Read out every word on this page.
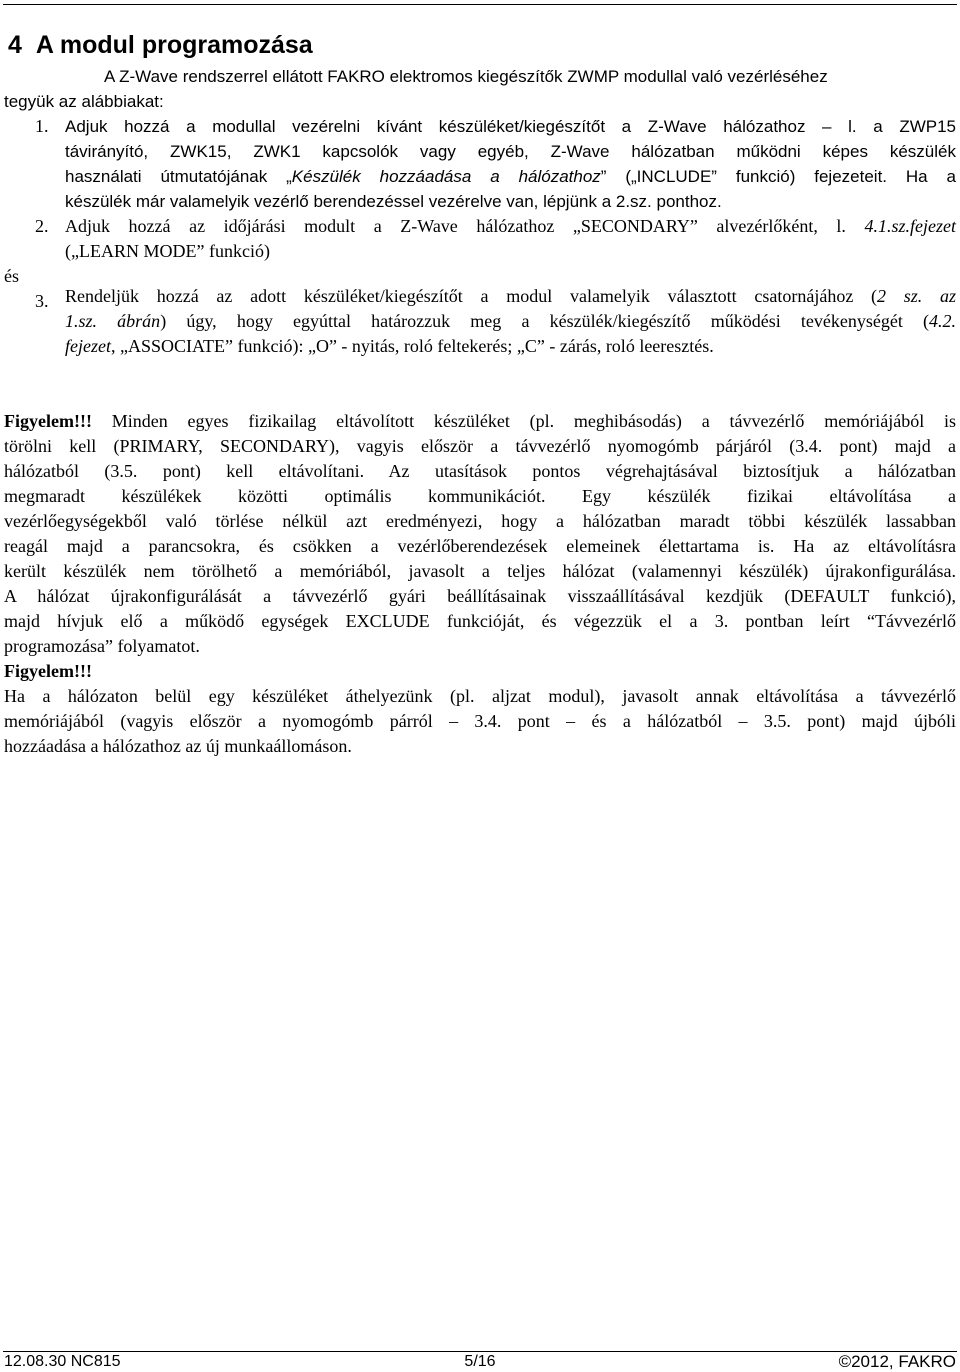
4 A modul programozása
A Z-Wave rendszerrel ellátott FAKRO elektromos kiegészítők ZWMP modullal való vezérléséhez
tegyük az alábbiakat:
1. Adjuk hozzá a modullal vezérelni kívánt készüléket/kiegészítőt a Z-Wave hálózathoz – l. a ZWP15
távirányító, ZWK15, ZWK1 kapcsolók vagy egyéb, Z-Wave hálózatban működni képes készülék
használati útmutatójának „Készülék hozzáadása a hálózathoz” („INCLUDE” funkció) fejezeteit. Ha a
készülék már valamelyik vezérlő berendezéssel vezérelve van, lépjünk a 2.sz. ponthoz.
2. Adjuk hozzá az időjárási modult a Z-Wave hálózathoz „SECONDARY” alvezérlőként, l. 4.1.sz.fejezet
(„LEARN MODE” funkció)
és
3. Rendeljük hozzá az adott készüléket/kiegészítőt a modul valamelyik választott csatornájához (2 sz. az
1.sz. ábrán) úgy, hogy egyúttal határozzuk meg a készülék/kiegészítő működési tevékenységét (4.2.
fejezet, „ASSOCIATE” funkció): „O” - nyitás, roló feltekerés; „C” - zárás, roló leeresztés.
Figyelem!!! Minden egyes fizikailag eltávolított készüléket (pl. meghibásodás) a távvezérlő memóriájából is
törölni kell (PRIMARY, SECONDARY), vagyis először a távvezérlő nyomogómb párjáról (3.4. pont) majd a
hálózatból (3.5. pont) kell eltávolítani. Az utasítások pontos végrehajtásával biztosítjuk a hálózatban
megmaradt készülékek közötti optimális kommunikációt. Egy készülék fizikai eltávolítása a
vezérlőegységekből való törlése nélkül azt eredményezi, hogy a hálózatban maradt többi készülék lassabban
reagál majd a parancsokra, és csökken a vezérlőberendezések elemeinek élettartama is. Ha az eltávolításra
került készülék nem törölhető a memóriából, javasolt a teljes hálózat (valamennyi készülék) újrakonfigurálása.
A hálózat újrakonfigurálását a távvezérlő gyári beállításainak visszaállításával kezdjük (DEFAULT funkció),
majd hívjuk elő a működő egységek EXCLUDE funkcióját, és végezzük el a 3. pontban leírt “Távvezérlő
programozása” folyamatot.
Figyelem!!!
Ha a hálózaton belül egy készüléket áthelyezünk (pl. aljzat modul), javasolt annak eltávolítása a távvezérlő
memóriájából (vagyis először a nyomogómb párról – 3.4. pont – és a hálózatból – 3.5. pont) majd újbóli
hozzáadása a hálózathoz az új munkaállomáson.
12.08.30 NC815	5/16	©2012, FAKRO
